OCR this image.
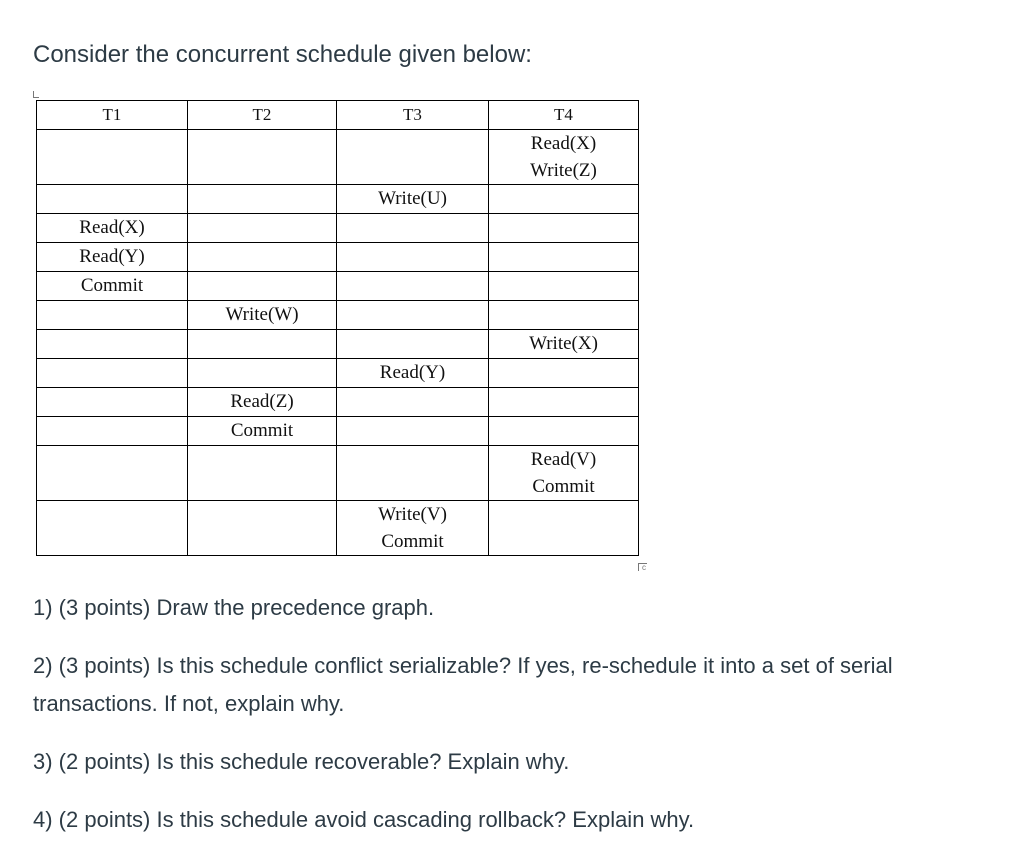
Consider the concurrent schedule given below:
T1	T2	T3	T4

			Read(X)
Write(Z)

		Write(U)	

Read(X)			

Read(Y)			

Commit			

	Write(W)		

			Write(X)

		Read(Y)	

	Read(Z)		

	Commit		

			Read(V)
Commit

		Write(V)
Commit	

c

1) (3 points) Draw the precedence graph.

2) (3 points) Is this schedule conflict serializable? If yes, re-schedule it into a set of serial transactions. If not, explain why.

3) (2 points) Is this schedule recoverable? Explain why.

4) (2 points) Is this schedule avoid cascading rollback? Explain why.
